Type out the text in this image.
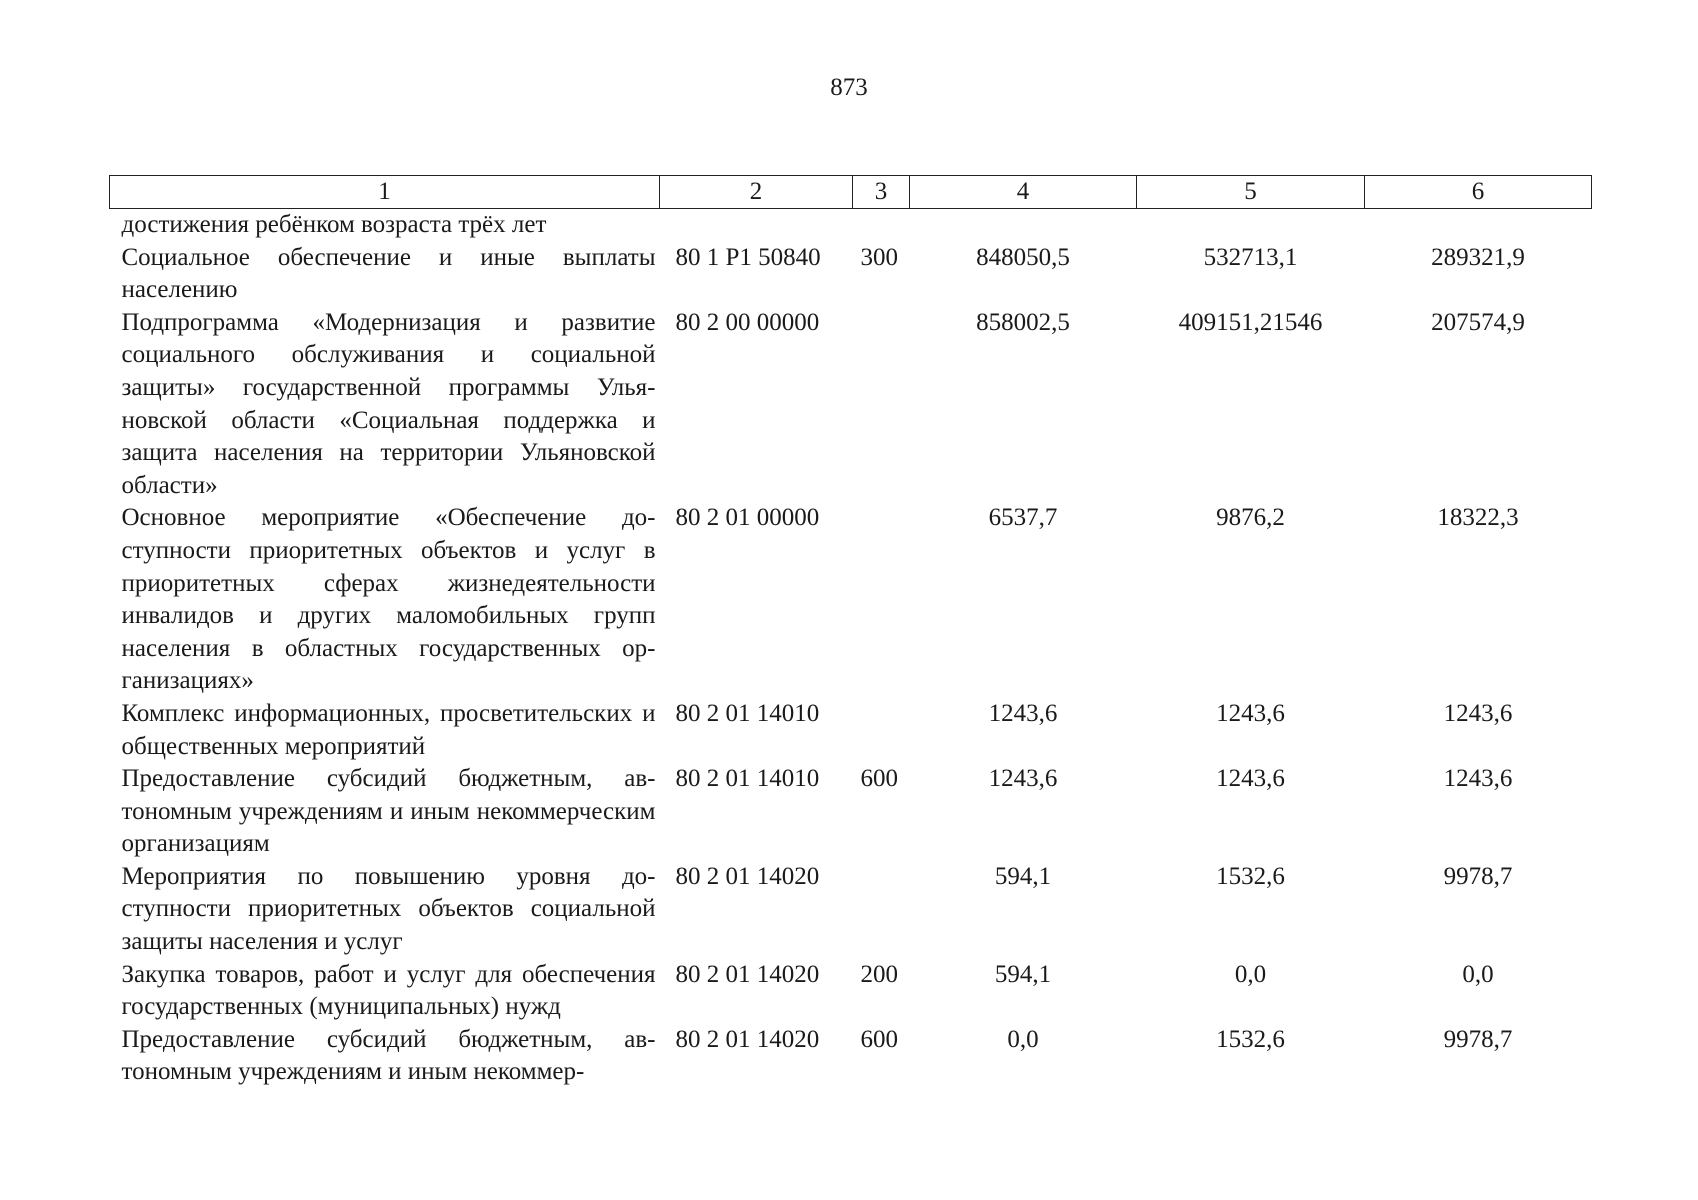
873
1	2	3	4	5	6
достижения ребёнком возраста трёх лет					
Социальное обеспечение и иные выплаты населению	80 1 P1 50840	300	848050,5	532713,1	289321,9
Подпрограмма «Модернизация и развитие социального обслуживания и социальной защиты» государственной программы Ульяновской области «Социальная поддержка и защита населения на территории Ульяновской области»	80 2 00 00000		858002,5	409151,21546	207574,9
Основное мероприятие «Обеспечение доступности приоритетных объектов и услуг в приоритетных сферах жизнедеятельности инвалидов и других маломобильных групп населения в областных государственных организациях»	80 2 01 00000		6537,7	9876,2	18322,3
Комплекс информационных, просветительских и общественных мероприятий	80 2 01 14010		1243,6	1243,6	1243,6
Предоставление субсидий бюджетным, автономным учреждениям и иным некоммерческим организациям	80 2 01 14010	600	1243,6	1243,6	1243,6
Мероприятия по повышению уровня доступности приоритетных объектов социальной защиты населения и услуг	80 2 01 14020		594,1	1532,6	9978,7
Закупка товаров, работ и услуг для обеспечения государственных (муниципальных) нужд	80 2 01 14020	200	594,1	0,0	0,0
Предоставление субсидий бюджетным, автономным учреждениям и иным некоммер-	80 2 01 14020	600	0,0	1532,6	9978,7
